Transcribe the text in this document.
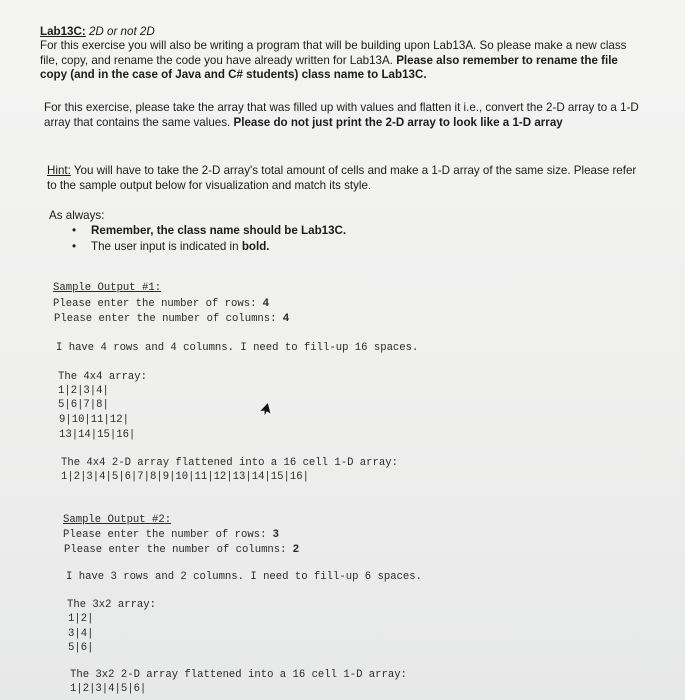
Lab13C: 2D or not 2D
For this exercise you will also be writing a program that will be building upon Lab13A. So please make a new class file, copy, and rename the code you have already written for Lab13A. Please also remember to rename the file copy (and in the case of Java and C# students) class name to Lab13C.
For this exercise, please take the array that was filled up with values and flatten it i.e., convert the 2-D array to a 1-D array that contains the same values. Please do not just print the 2-D array to look like a 1-D array
Hint: You will have to take the 2-D array's total amount of cells and make a 1-D array of the same size. Please refer to the sample output below for visualization and match its style.
As always:
• Remember, the class name should be Lab13C.
• The user input is indicated in bold.
Sample Output #1:
Please enter the number of rows: 4
Please enter the number of columns: 4
I have 4 rows and 4 columns. I need to fill-up 16 spaces.
The 4x4 array:
1|2|3|4|
5|6|7|8|
9|10|11|12|
13|14|15|16|
The 4x4 2-D array flattened into a 16 cell 1-D array:
1|2|3|4|5|6|7|8|9|10|11|12|13|14|15|16|
Sample Output #2:
Please enter the number of rows: 3
Please enter the number of columns: 2
I have 3 rows and 2 columns. I need to fill-up 6 spaces.
The 3x2 array:
1|2|
3|4|
5|6|
The 3x2 2-D array flattened into a 16 cell 1-D array:
1|2|3|4|5|6|
